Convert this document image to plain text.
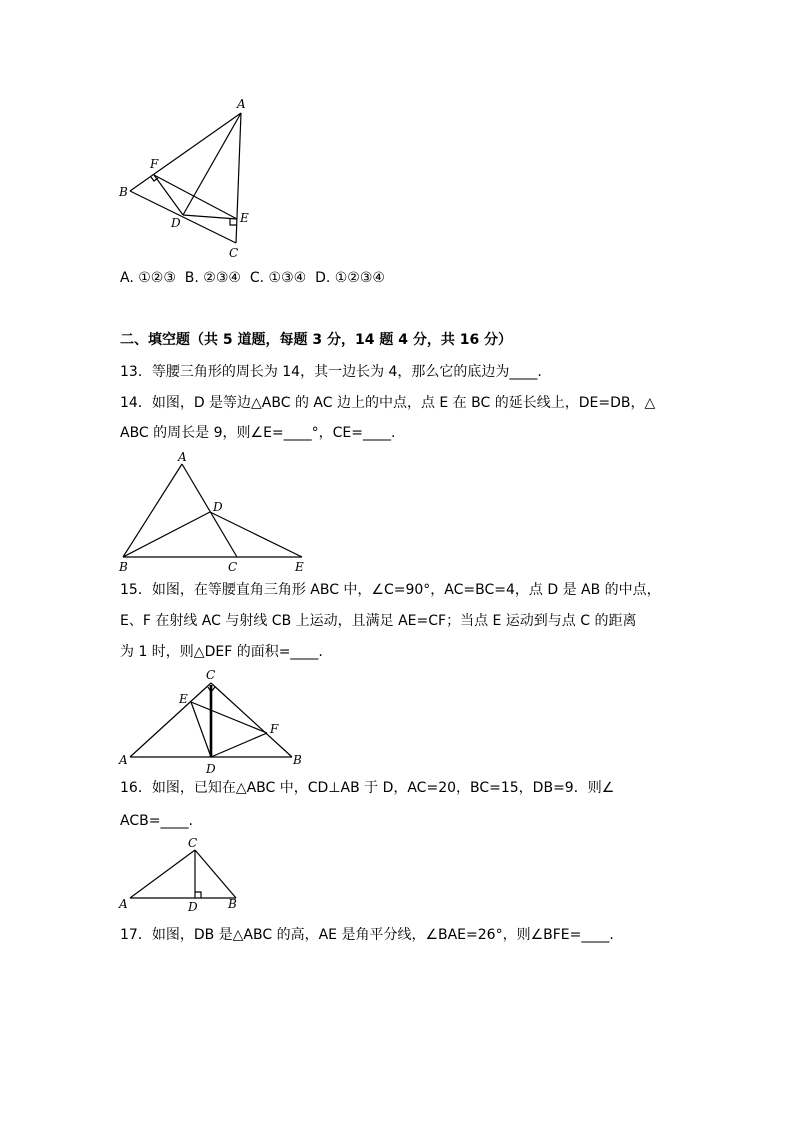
A
F
B
D	E
C
A. ①②③  B. ②③④  C. ①③④  D. ①②③④
二、填空题（共 5 道题，每题 3 分，14 题 4 分，共 16 分）
13．等腰三角形的周长为 14，其一边长为 4，那么它的底边为____.
14．如图，D 是等边△ABC 的 AC 边上的中点，点 E 在 BC 的延长线上，DE=DB，△
ABC 的周长是 9，则∠E=____°，CE=____.
A
D
B	C	E
15．如图，在等腰直角三角形 ABC 中，∠C=90°，AC=BC=4，点 D 是 AB 的中点，
E、F 在射线 AC 与射线 CB 上运动，且满足 AE=CF；当点 E 运动到与点 C 的距离
为 1 时，则△DEF 的面积=____.
C
E
F
A
D
B
16．如图，已知在△ABC 中，CD⊥AB 于 D，AC=20，BC=15，DB=9．则∠
ACB=____.
C
A	D	B
17．如图，DB 是△ABC 的高，AE 是角平分线，∠BAE=26°，则∠BFE=____.
